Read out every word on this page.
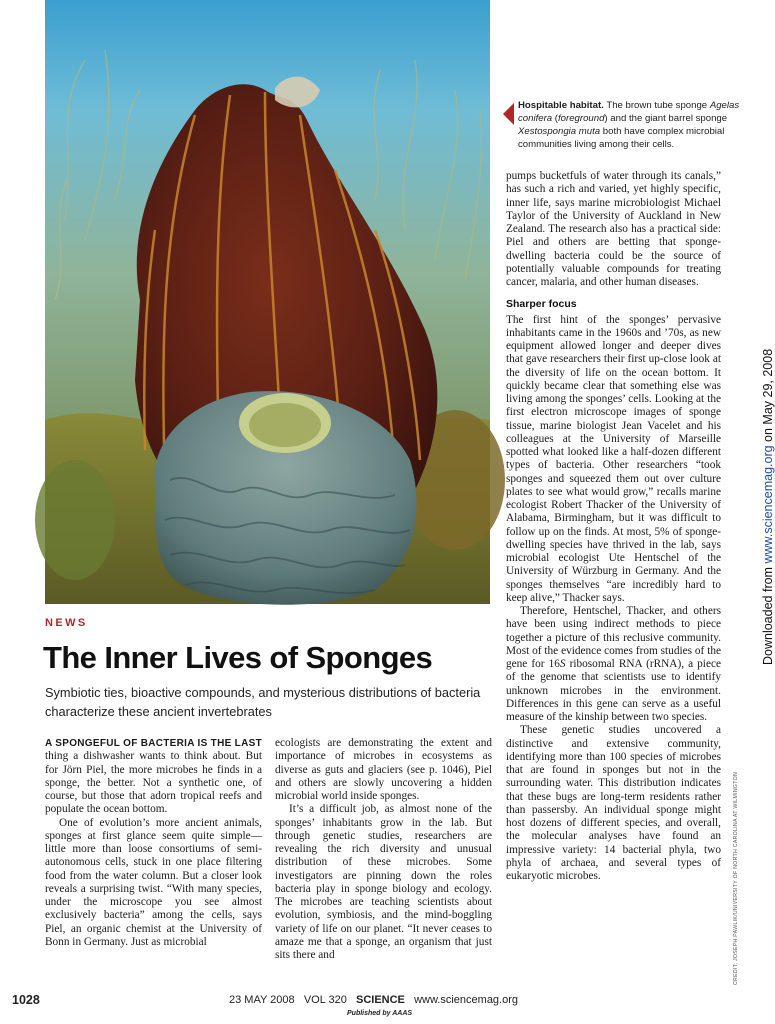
Hospitable habitat. The brown tube sponge Agelas conifera (foreground) and the giant barrel sponge Xestospongia muta both have complex microbial communities living among their cells.

pumps bucketfuls of water through its canals,” has such a rich and varied, yet highly specific, inner life, says marine microbiologist Michael Taylor of the University of Auckland in New Zealand. The research also has a practical side: Piel and others are betting that sponge-dwelling bacteria could be the source of potentially valuable compounds for treating cancer, malaria, and other human diseases.

Sharper focus

The first hint of the sponges’ pervasive inhabitants came in the 1960s and ’70s, as new equipment allowed longer and deeper dives that gave researchers their first up-close look at the diversity of life on the ocean bottom. It quickly became clear that something else was living among the sponges’ cells. Looking at the first electron microscope images of sponge tissue, marine biologist Jean Vacelet and his colleagues at the University of Marseille spotted what looked like a half-dozen different types of bacteria. Other researchers “took sponges and squeezed them out over culture plates to see what would grow,” recalls marine ecologist Robert Thacker of the University of Alabama, Birmingham, but it was difficult to follow up on the finds. At most, 5% of sponge-dwelling species have thrived in the lab, says microbial ecologist Ute Hentschel of the University of Würzburg in Germany. And the sponges themselves “are incredibly hard to keep alive,” Thacker says.

Therefore, Hentschel, Thacker, and others have been using indirect methods to piece together a picture of this reclusive community. Most of the evidence comes from studies of the gene for 16S ribosomal RNA (rRNA), a piece of the genome that scientists use to identify unknown microbes in the environment. Differences in this gene can serve as a useful measure of the kinship between two species.

These genetic studies uncovered a distinctive and extensive community, identifying more than 100 species of microbes that are found in sponges but not in the surrounding water. This distribution indicates that these bugs are long-term residents rather than passersby. An individual sponge might host dozens of different species, and overall, the molecular analyses have found an impressive variety: 14 bacterial phyla, two phyla of archaea, and several types of eukaryotic microbes.

NEWS
The Inner Lives of Sponges

Symbiotic ties, bioactive compounds, and mysterious distributions of bacteria characterize these ancient invertebrates

A SPONGEFUL OF BACTERIA IS THE LAST thing a dishwasher wants to think about. But for Jörn Piel, the more microbes he finds in a sponge, the better. Not a synthetic one, of course, but those that adorn tropical reefs and populate the ocean bottom.

One of evolution’s more ancient animals, sponges at first glance seem quite simple—little more than loose consortiums of semi-autonomous cells, stuck in one place filtering food from the water column. But a closer look reveals a surprising twist. “With many species, under the microscope you see almost exclusively bacteria” among the cells, says Piel, an organic chemist at the University of Bonn in Germany. Just as microbial

ecologists are demonstrating the extent and importance of microbes in ecosystems as diverse as guts and glaciers (see p. 1046), Piel and others are slowly uncovering a hidden microbial world inside sponges.

It’s a difficult job, as almost none of the sponges’ inhabitants grow in the lab. But through genetic studies, researchers are revealing the rich diversity and unusual distribution of these microbes. Some investigators are pinning down the roles bacteria play in sponge biology and ecology. The microbes are teaching scientists about evolution, symbiosis, and the mind-boggling variety of life on our planet. “It never ceases to amaze me that a sponge, an organism that just sits there and

Downloaded from www.sciencemag.org on May 29, 2008
CREDIT: JOSEPH PAWLIK/UNIVERSITY OF NORTH CAROLINA AT WILMINGTON
1028	23 MAY 2008 VOL 320 SCIENCE www.sciencemag.org
Published by AAAS
